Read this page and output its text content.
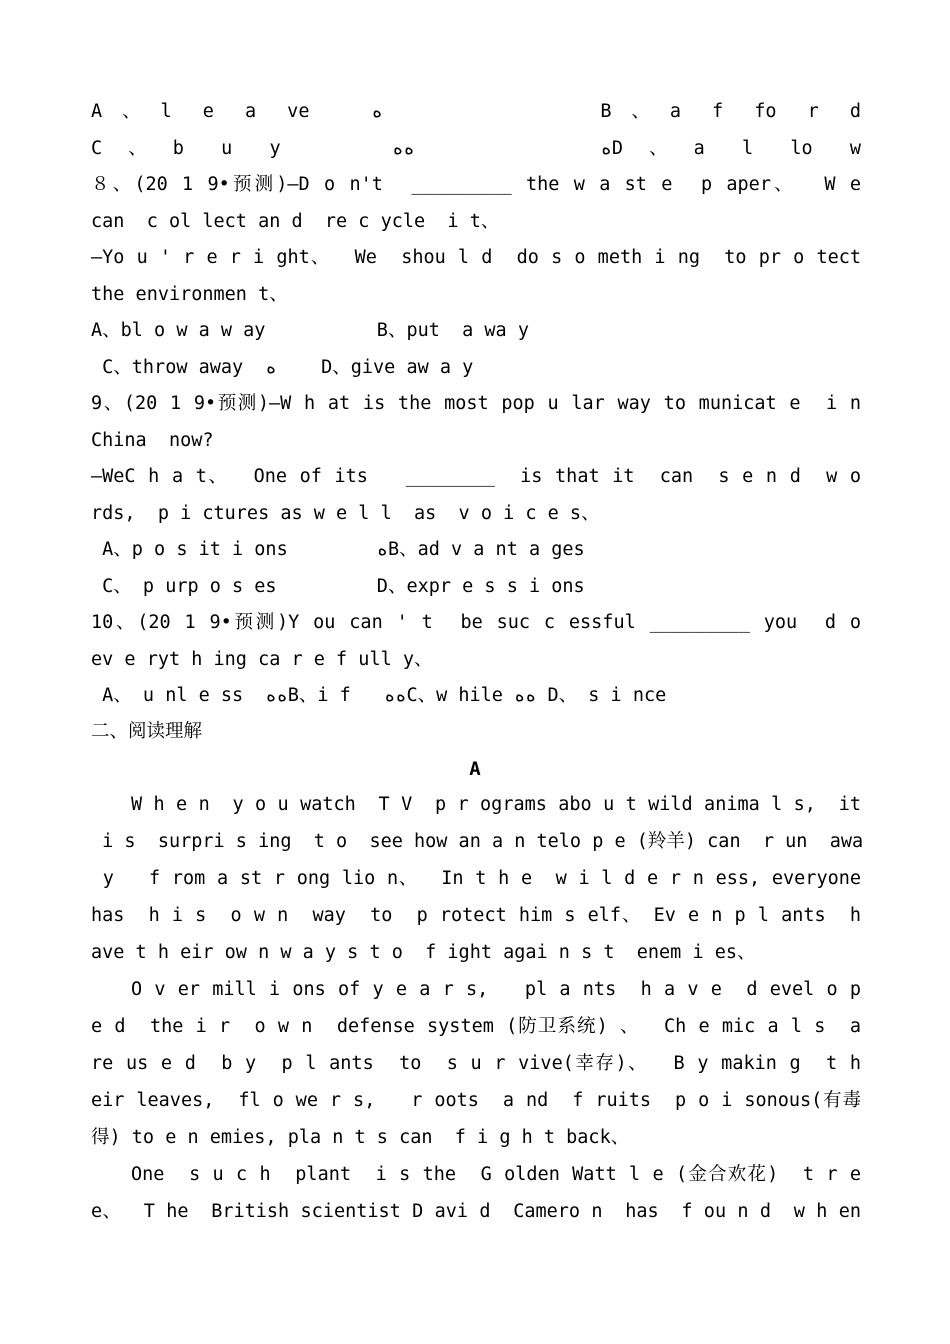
A、l e a ve  ﻩ       B、a f fo r d
C、b u y   ﻩ     ﻩﻩD、a l lo w
８、(20 1 9•预测)—D o n't  _________ the w a st e  p aper、  W e
can  c ol lect an d  re c ycle  i t、
—Yo u ' r e r i ght、  We  shou l d  do s o meth i ng  to pr o tect
the environmen t、
A、bl o w a w ay          B、put  a wa y
C、throw away  ﻩ    D、give aw a y
9、(20 1 9•预测)—W h at is the most pop u lar way to municat e  i n
China  now?
—WeC h a t、  One of its   ________  is that it  can  s e n d  w o
rds,  p i ctures as w e l l  as  v o i c e s、
A、p o s it i ons        ﻩB、ad v a nt a ges
C、 p urp o s es         D、expr e s s i ons
10、(20 1 9•预测)Y ou can ' t  be suc c essful _________ you  d o
ev e ryt h ing ca r e f ull y、
A、 u nl e ss  ﻩﻩB、i f   ﻩﻩC、w hile ﻩﻩ D、 s i nce
二、阅读理解
A
W h e n  y o u watch  T V  p r ograms abo u t wild anima l s,  it
i s  surpri s ing  t o  see how an a n telo p e (羚羊) can  r un  awa
y   f rom a st r ong lio n、  In t h e  w i l d e r n ess, everyone
has  h i s  o w n  way  to  p rotect him s elf、 Ev e n p l ants  h
ave t h eir ow n w a y s t o  f ight agai n s t  enem i es、
O v er mill i ons of y e a r s,   pl a nts  h a v e  d evel o p
e d  the i r  o w n  defense system (防卫系统) 、  Ch e mic a l s  a
re us e d  b y  p l ants  to  s u r vive(幸存)、  B y makin g  t h
eir leaves,  fl o we r s,   r oots  a nd  f ruits  p o i sonous(有毒
得) to e n emies, pla n t s can  f i g h t back、
One  s u c h  plant  i s the  G olden Watt l e (金合欢花)  t r e
e、  T he  British scientist D avi d  Camero n  has  f ou n d  w h en
